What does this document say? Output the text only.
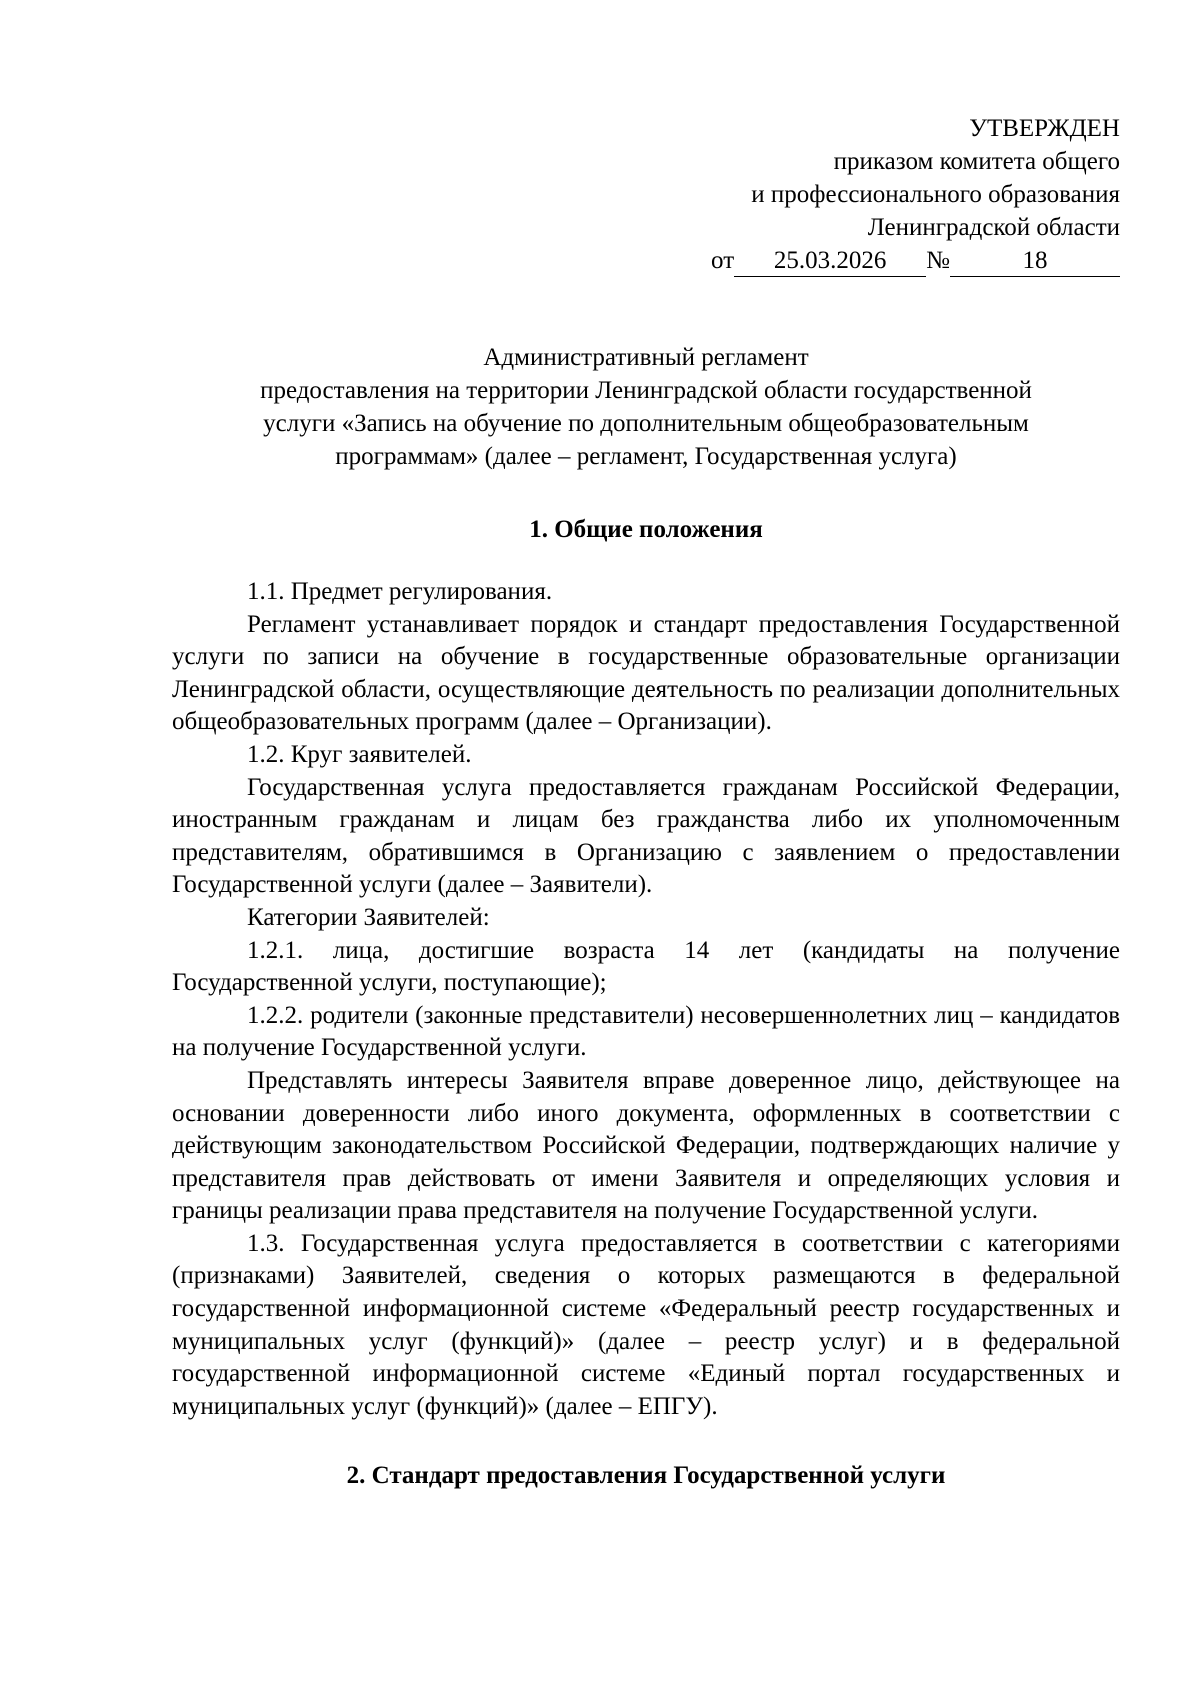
УТВЕРЖДЕН
приказом комитета общего
и профессионального образования
Ленинградской области
от	25.03.2026	№	18
Административный регламент
предоставления на территории Ленинградской области государственной
услуги «Запись на обучение по дополнительным общеобразовательным
программам» (далее – регламент, Государственная услуга)
1. Общие положения

1.1. Предмет регулирования.

Регламент устанавливает порядок и стандарт предоставления Государственной услуги по записи на обучение в государственные образовательные организации Ленинградской области, осуществляющие деятельность по реализации дополнительных общеобразовательных программ (далее – Организации).

1.2. Круг заявителей.

Государственная услуга предоставляется гражданам Российской Федерации, иностранным гражданам и лицам без гражданства либо их уполномоченным представителям, обратившимся в Организацию с заявлением о предоставлении Государственной услуги (далее – Заявители).

Категории Заявителей:

1.2.1. лица, достигшие возраста 14 лет (кандидаты на получение Государственной услуги, поступающие);

1.2.2. родители (законные представители) несовершеннолетних лиц – кандидатов на получение Государственной услуги.

Представлять интересы Заявителя вправе доверенное лицо, действующее на основании доверенности либо иного документа, оформленных в соответствии с действующим законодательством Российской Федерации, подтверждающих наличие у представителя прав действовать от имени Заявителя и определяющих условия и границы реализации права представителя на получение Государственной услуги.

1.3. Государственная услуга предоставляется в соответствии с категориями (признаками) Заявителей, сведения о которых размещаются в федеральной государственной информационной системе «Федеральный реестр государственных и муниципальных услуг (функций)» (далее – реестр услуг) и в федеральной государственной информационной системе «Единый портал государственных и муниципальных услуг (функций)» (далее – ЕПГУ).

2. Стандарт предоставления Государственной услуги
